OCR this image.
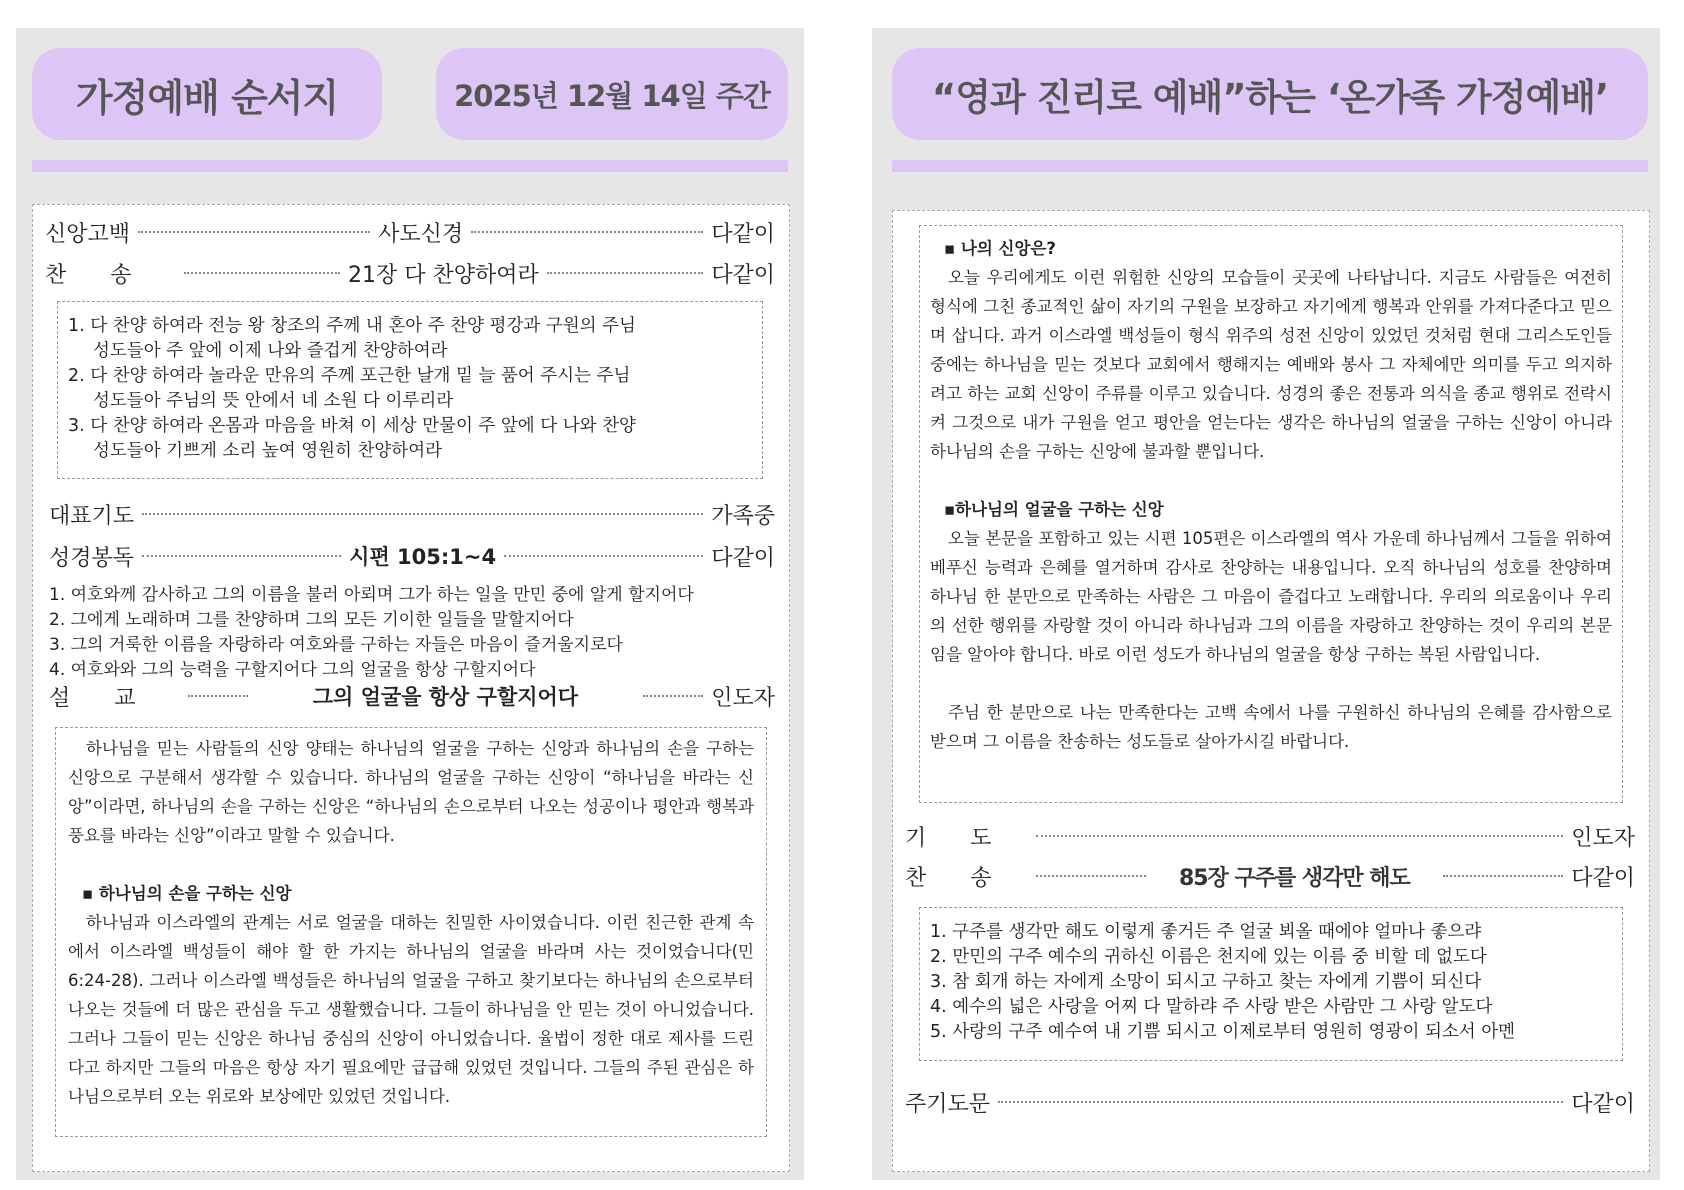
가정예배 순서지	2025년 12월 14일 주간
신앙고백	사도신경	다같이
찬송	21장 다 찬양하여라	다같이
1. 다 찬양 하여라 전능 왕 창조의 주께 내 혼아 주 찬양 평강과 구원의 주님
성도들아 주 앞에 이제 나와 즐겁게 찬양하여라
2. 다 찬양 하여라 놀라운 만유의 주께 포근한 날개 밑 늘 품어 주시는 주님
성도들아 주님의 뜻 안에서 네 소원 다 이루리라
3. 다 찬양 하여라 온몸과 마음을 바쳐 이 세상 만물이 주 앞에 다 나와 찬양
성도들아 기쁘게 소리 높여 영원히 찬양하여라
대표기도	가족중
성경봉독	시편 105:1~4	다같이
1. 여호와께 감사하고 그의 이름을 불러 아뢰며 그가 하는 일을 만민 중에 알게 할지어다
2. 그에게 노래하며 그를 찬양하며 그의 모든 기이한 일들을 말할지어다
3. 그의 거룩한 이름을 자랑하라 여호와를 구하는 자들은 마음이 즐거울지로다
4. 여호와와 그의 능력을 구할지어다 그의 얼굴을 항상 구할지어다
설교	그의 얼굴을 항상 구할지어다	인도자

하나님을 믿는 사람들의 신앙 양태는 하나님의 얼굴을 구하는 신앙과 하나님의 손을 구하는 신앙으로 구분해서 생각할 수 있습니다. 하나님의 얼굴을 구하는 신앙이 “하나님을 바라는 신앙”이라면, 하나님의 손을 구하는 신앙은 “하나님의 손으로부터 나오는 성공이나 평안과 행복과 풍요를 바라는 신앙”이라고 말할 수 있습니다.

▪ 하나님의 손을 구하는 신앙

하나님과 이스라엘의 관계는 서로 얼굴을 대하는 친밀한 사이였습니다. 이런 친근한 관계 속에서 이스라엘 백성들이 해야 할 한 가지는 하나님의 얼굴을 바라며 사는 것이었습니다(민 6:24-28). 그러나 이스라엘 백성들은 하나님의 얼굴을 구하고 찾기보다는 하나님의 손으로부터 나오는 것들에 더 많은 관심을 두고 생활했습니다. 그들이 하나님을 안 믿는 것이 아니었습니다. 그러나 그들이 믿는 신앙은 하나님 중심의 신앙이 아니었습니다. 율법이 정한 대로 제사를 드린다고 하지만 그들의 마음은 항상 자기 필요에만 급급해 있었던 것입니다. 그들의 주된 관심은 하나님으로부터 오는 위로와 보상에만 있었던 것입니다.

“영과 진리로 예배”하는 ‘온가족 가정예배’

▪ 나의 신앙은?

오늘 우리에게도 이런 위험한 신앙의 모습들이 곳곳에 나타납니다. 지금도 사람들은 여전히 형식에 그친 종교적인 삶이 자기의 구원을 보장하고 자기에게 행복과 안위를 가져다준다고 믿으며 삽니다. 과거 이스라엘 백성들이 형식 위주의 성전 신앙이 있었던 것처럼 현대 그리스도인들 중에는 하나님을 믿는 것보다 교회에서 행해지는 예배와 봉사 그 자체에만 의미를 두고 의지하려고 하는 교회 신앙이 주류를 이루고 있습니다. 성경의 좋은 전통과 의식을 종교 행위로 전락시켜 그것으로 내가 구원을 얻고 평안을 얻는다는 생각은 하나님의 얼굴을 구하는 신앙이 아니라 하나님의 손을 구하는 신앙에 불과할 뿐입니다.

▪하나님의 얼굴을 구하는 신앙

오늘 본문을 포함하고 있는 시편 105편은 이스라엘의 역사 가운데 하나님께서 그들을 위하여 베푸신 능력과 은혜를 열거하며 감사로 찬양하는 내용입니다. 오직 하나님의 성호를 찬양하며 하나님 한 분만으로 만족하는 사람은 그 마음이 즐겁다고 노래합니다. 우리의 의로움이나 우리의 선한 행위를 자랑할 것이 아니라 하나님과 그의 이름을 자랑하고 찬양하는 것이 우리의 본문임을 알아야 합니다. 바로 이런 성도가 하나님의 얼굴을 항상 구하는 복된 사람입니다.

주님 한 분만으로 나는 만족한다는 고백 속에서 나를 구원하신 하나님의 은혜를 감사함으로 받으며 그 이름을 찬송하는 성도들로 살아가시길 바랍니다.

기도	인도자
찬송	85장 구주를 생각만 해도	다같이
1. 구주를 생각만 해도 이렇게 좋거든 주 얼굴 뵈올 때에야 얼마나 좋으랴
2. 만민의 구주 예수의 귀하신 이름은 천지에 있는 이름 중 비할 데 없도다
3. 참 회개 하는 자에게 소망이 되시고 구하고 찾는 자에게 기쁨이 되신다
4. 예수의 넓은 사랑을 어찌 다 말하랴 주 사랑 받은 사람만 그 사랑 알도다
5. 사랑의 구주 예수여 내 기쁨 되시고 이제로부터 영원히 영광이 되소서 아멘
주기도문	다같이
